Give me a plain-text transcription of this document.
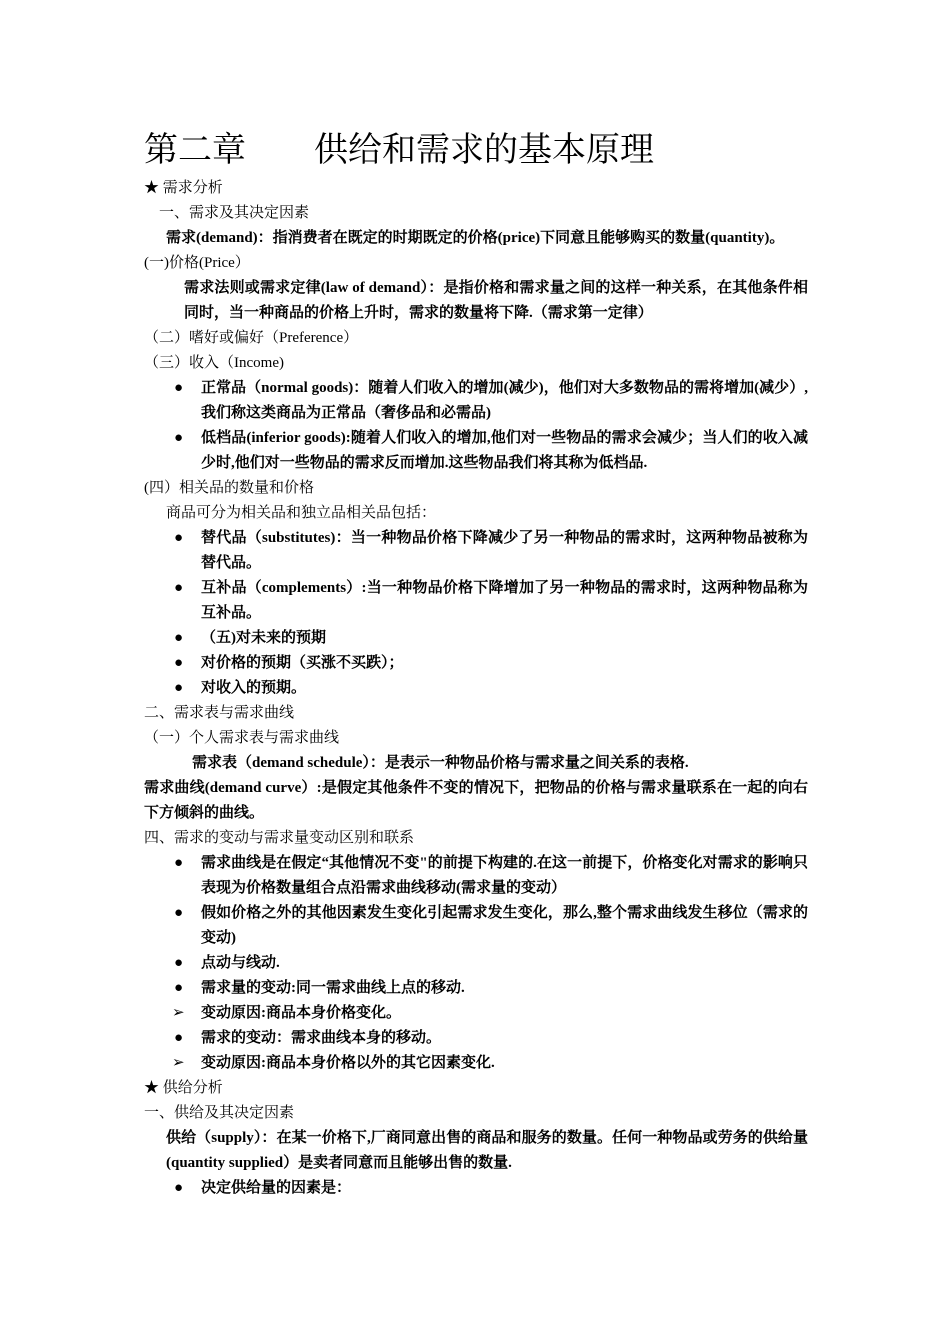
第二章　　供给和需求的基本原理
★ 需求分析
一、需求及其决定因素
需求(demand)：指消费者在既定的时期既定的价格(price)下同意且能够购买的数量(quantity)。
(一)价格(Price）
需求法则或需求定律(law of demand）：是指价格和需求量之间的这样一种关系，在其他条件相同时，当一种商品的价格上升时，需求的数量将下降.（需求第一定律）
（二）嗜好或偏好（Preference）
（三）收入（Income)
● 正常品（normal goods)：随着人们收入的增加(减少)，他们对大多数物品的需将增加(减少）,我们称这类商品为正常品（奢侈品和必需品)
● 低档品(inferior goods):随着人们收入的增加,他们对一些物品的需求会减少；当人们的收入减少时,他们对一些物品的需求反而增加.这些物品我们将其称为低档品.
(四）相关品的数量和价格
商品可分为相关品和独立品相关品包括：
● 替代品（substitutes)：当一种物品价格下降减少了另一种物品的需求时，这两种物品被称为替代品。
● 互补品（complements）:当一种物品价格下降增加了另一种物品的需求时，这两种物品称为互补品。
● （五)对未来的预期
● 对价格的预期（买涨不买跌）；
● 对收入的预期。
二、需求表与需求曲线
（一）个人需求表与需求曲线
需求表（demand schedule）：是表示一种物品价格与需求量之间关系的表格.
需求曲线(demand curve）:是假定其他条件不变的情况下，把物品的价格与需求量联系在一起的向右下方倾斜的曲线。
四、需求的变动与需求量变动区别和联系
● 需求曲线是在假定“其他情况不变"的前提下构建的.在这一前提下，价格变化对需求的影响只表现为价格数量组合点沿需求曲线移动(需求量的变动）
● 假如价格之外的其他因素发生变化引起需求发生变化，那么,整个需求曲线发生移位（需求的变动)
● 点动与线动.
● 需求量的变动:同一需求曲线上点的移动.
➢ 变动原因:商品本身价格变化。
● 需求的变动：需求曲线本身的移动。
➢ 变动原因:商品本身价格以外的其它因素变化.
★ 供给分析
一、供给及其决定因素
供给（supply）：在某一价格下,厂商同意出售的商品和服务的数量。任何一种物品或劳务的供给量(quantity supplied）是卖者同意而且能够出售的数量.
● 决定供给量的因素是：
